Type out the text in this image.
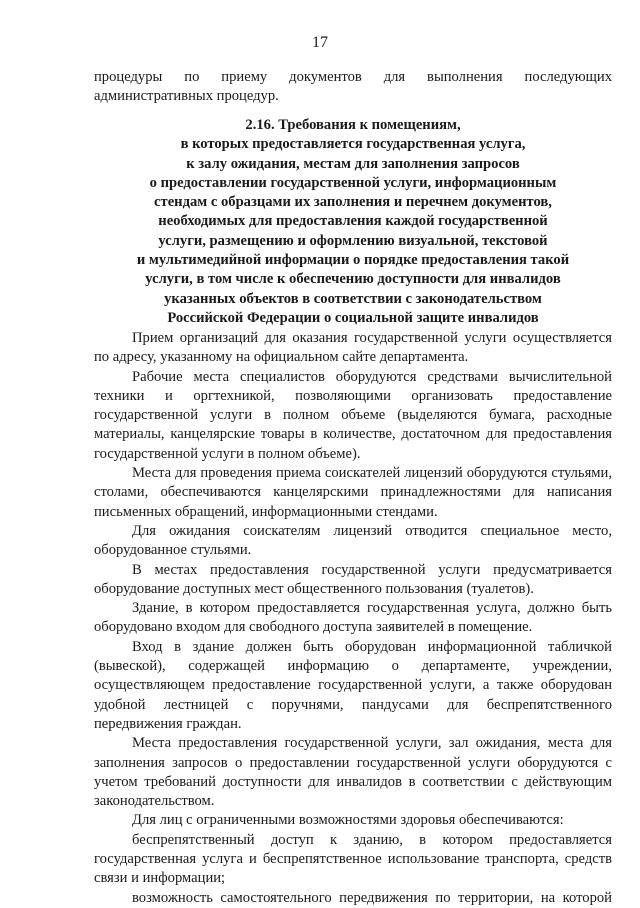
17

процедуры по приему документов для выполнения последующих административных процедур.

2.16. Требования к помещениям,
в которых предоставляется государственная услуга,
к залу ожидания, местам для заполнения запросов
о предоставлении государственной услуги, информационным
стендам с образцами их заполнения и перечнем документов,
необходимых для предоставления каждой государственной
услуги, размещению и оформлению визуальной, текстовой
и мультимедийной информации о порядке предоставления такой
услуги, в том числе к обеспечению доступности для инвалидов
указанных объектов в соответствии с законодательством
Российской Федерации о социальной защите инвалидов

Прием организаций для оказания государственной услуги осуществляется по адресу, указанному на официальном сайте департамента.

Рабочие места специалистов оборудуются средствами вычислительной техники и оргтехникой, позволяющими организовать предоставление государственной услуги в полном объеме (выделяются бумага, расходные материалы, канцелярские товары в количестве, достаточном для предоставления государственной услуги в полном объеме).

Места для проведения приема соискателей лицензий оборудуются стульями, столами, обеспечиваются канцелярскими принадлежностями для написания письменных обращений, информационными стендами.

Для ожидания соискателям лицензий отводится специальное место, оборудованное стульями.

В местах предоставления государственной услуги предусматривается оборудование доступных мест общественного пользования (туалетов).

Здание, в котором предоставляется государственная услуга, должно быть оборудовано входом для свободного доступа заявителей в помещение.

Вход в здание должен быть оборудован информационной табличкой (вывеской), содержащей информацию о департаменте, учреждении, осуществляющем предоставление государственной услуги, а также оборудован удобной лестницей с поручнями, пандусами для беспрепятственного передвижения граждан.

Места предоставления государственной услуги, зал ожидания, места для заполнения запросов о предоставлении государственной услуги оборудуются с учетом требований доступности для инвалидов в соответствии с действующим законодательством.

Для лиц с ограниченными возможностями здоровья обеспечиваются:

беспрепятственный доступ к зданию, в котором предоставляется государственная услуга и беспрепятственное использование транспорта, средств связи и информации;

возможность самостоятельного передвижения по территории, на которой
